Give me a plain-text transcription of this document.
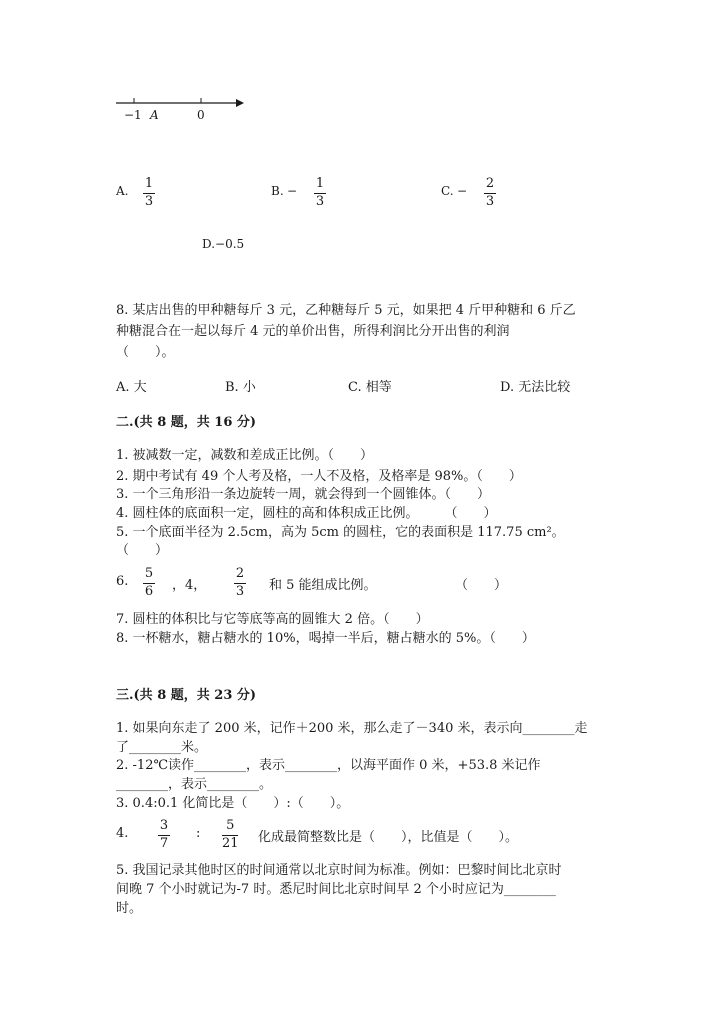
−1 A	0
A. 1
3
B. − 1
3
C. − 2
3
D.−0.5
8. 某店出售的甲种糖每斤 3 元，乙种糖每斤 5 元，如果把 4 斤甲种糖和 6 斤乙
种糖混合在一起以每斤 4 元的单价出售，所得利润比分开出售的利润
（　　）。
A. 大	B. 小	C. 相等	D. 无法比较
二.(共 8 题，共 16 分)
1. 被减数一定，减数和差成正比例。（　　）
2. 期中考试有 49 个人考及格，一人不及格，及格率是 98%。（　　）
3. 一个三角形沿一条边旋转一周，就会得到一个圆锥体。（　　）
4. 圆柱体的底面积一定，圆柱的高和体积成正比例。　　　（　　）
5. 一个底面半径为 2.5cm，高为 5cm 的圆柱，它的表面积是 117.75 cm²。
（　　）
6.
5
6 ，4，
2
3 和 5 能组成比例。	（　　）
7. 圆柱的体积比与它等底等高的圆锥大 2 倍。（　　）
8. 一杯糖水，糖占糖水的 10%，喝掉一半后，糖占糖水的 5%。（　　）
三.(共 8 题，共 23 分)
1. 如果向东走了 200 米，记作＋200 米，那么走了－340 米，表示向________走
了________米。
2. -12℃读作________，表示________，以海平面作 0 米，+53.8 米记作
________，表示________。
3. 0.4:0.1 化简比是（　　）:（　　）。
4.
3
7
:
5
21 化成最简整数比是（　　），比值是（　　）。
5. 我国记录其他时区的时间通常以北京时间为标准。例如：巴黎时间比北京时
间晚 7 个小时就记为-7 时。悉尼时间比北京时间早 2 个小时应记为________
时。
